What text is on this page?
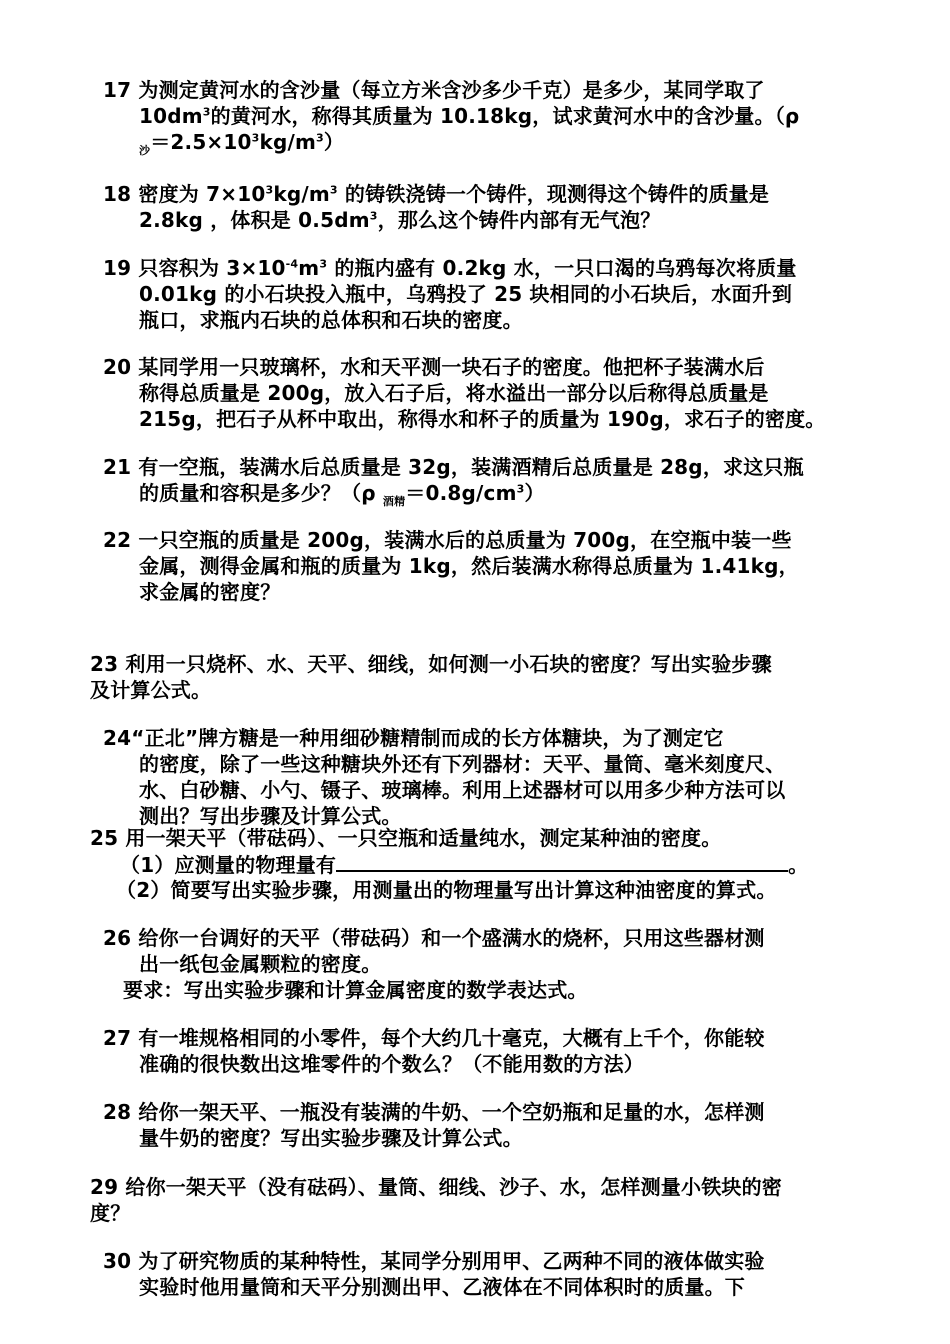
17 为测定黄河水的含沙量（每立方米含沙多少千克）是多少，某同学取了
$10dm^3$的黄河水，称得其质量为 10.18kg，试求黄河水中的含沙量。（ρ
$_沙=2.5\times 10^3kg/m^3$）
18 密度为 $7\times 10^3kg/m^3$ 的铸铁浇铸一个铸件，现测得这个铸件的质量是
2.8kg ，体积是 $0.5dm^3$，那么这个铸件内部有无气泡？
19 只容积为 $3\times 10^{-4}m^3$ 的瓶内盛有 0.2kg 水，一只口渴的乌鸦每次将质量
0.01kg 的小石块投入瓶中，乌鸦投了 25 块相同的小石块后，水面升到
瓶口，求瓶内石块的总体积和石块的密度。
20 某同学用一只玻璃杯，水和天平测一块石子的密度。他把杯子装满水后
称得总质量是 200g，放入石子后，将水溢出一部分以后称得总质量是
215g，把石子从杯中取出，称得水和杯子的质量为 190g，求石子的密度。
21 有一空瓶，装满水后总质量是 32g，装满酒精后总质量是 28g，求这只瓶
的质量和容积是多少？（ρ $_{酒精}=0.8g/cm^3$）
22 一只空瓶的质量是 200g，装满水后的总质量为 700g，在空瓶中装一些
金属，测得金属和瓶的质量为 1kg，然后装满水称得总质量为 1.41kg，
求金属的密度？
23 利用一只烧杯、水、天平、细线，如何测一小石块的密度？写出实验步骤
及计算公式。
24“正北”牌方糖是一种用细砂糖精制而成的长方体糖块，为了测定它
的密度，除了一些这种糖块外还有下列器材：天平、量筒、毫米刻度尺、
水、白砂糖、小勺、镊子、玻璃棒。利用上述器材可以用多少种方法可以
测出？写出步骤及计算公式。
25 用一架天平（带砝码）、一只空瓶和适量纯水，测定某种油的密度。
（1）应测量的物理量有	。
（2）简要写出实验步骤，用测量出的物理量写出计算这种油密度的算式。
26 给你一台调好的天平（带砝码）和一个盛满水的烧杯，只用这些器材测
出一纸包金属颗粒的密度。
要求：写出实验步骤和计算金属密度的数学表达式。
27 有一堆规格相同的小零件，每个大约几十毫克，大概有上千个，你能较
准确的很快数出这堆零件的个数么？（不能用数的方法）
28 给你一架天平、一瓶没有装满的牛奶、一个空奶瓶和足量的水，怎样测
量牛奶的密度？写出实验步骤及计算公式。
29 给你一架天平（没有砝码）、量筒、细线、沙子、水，怎样测量小铁块的密
度？
30 为了研究物质的某种特性，某同学分别用甲、乙两种不同的液体做实验
实验时他用量筒和天平分别测出甲、乙液体在不同体积时的质量。下
